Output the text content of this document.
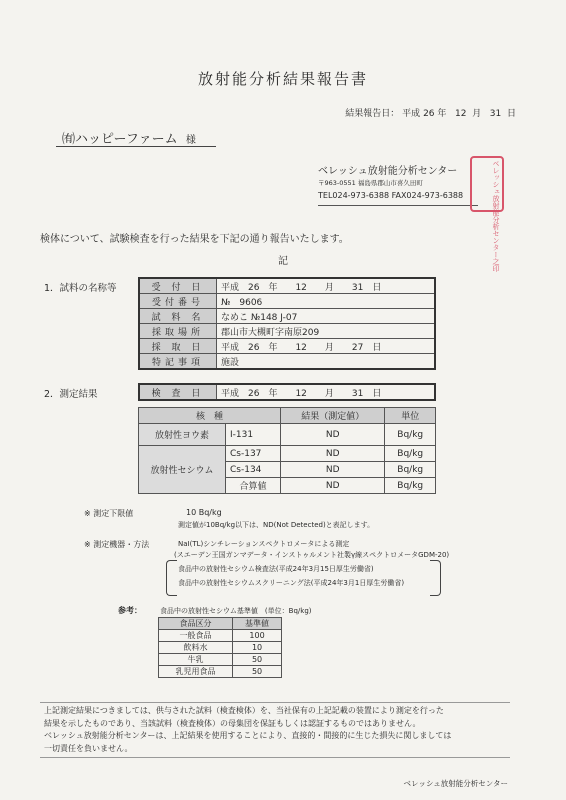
放射能分析結果報告書
結果報告日： 平成 26 年 12 月 31 日
㈲ハッピーファーム 様
ベレッシュ放射能分析センター
〒963-0551 福島県郡山市喜久田町
TEL024-973-6388 FAX024-973-6388	ベレッシュ放射能分析センター之印
検体について、試験検査を行った結果を下記の通り報告いたします。
記
1．試料の名称等	受 付 日	平成　26　年　　12　　月　　31　日
受付番号	№　9606
試 料 名	なめこ №148 J-07
採取場所	郡山市大槻町字南原209
採 取 日	平成　26　年　　12　　月　　27　日
特記事項	施設
2．測定結果	検 査 日	平成　26　年　　12　　月　　31　日
核　種		結果（測定値）	単位
放射性ヨウ素	I-131	ND	Bq/kg
放射性セシウム	Cs-137	ND	Bq/kg
	Cs-134	ND	Bq/kg
	合算値	ND	Bq/kg
※ 測定下限値	10 Bq/kg
測定値が10Bq/kg以下は、ND(Not Detected)と表記します。
※ 測定機器・方法	NaI(TL)シンチレーションスペクトロメータによる測定
(スエーデン王国ガンマデータ・インストゥルメント社製γ線スペクトロメータGDM-20)
食品中の放射性セシウム検査法(平成24年3月15日厚生労働省)
食品中の放射性セシウムスクリーニング法(平成24年3月1日厚生労働省)
参考：	食品中の放射性セシウム基準値　(単位：Bq/kg)
食品区分	基準値
一般食品	100
飲料水	10
牛乳	50
乳児用食品	50
上記測定結果につきましては、供与された試料（検査検体）を、当社保有の上記記載の装置により測定を行った
結果を示したものであり、当該試料（検査検体）の母集団を保証もしくは認証するものではありません。
ベレッシュ放射能分析センターは、上記結果を使用することにより、直接的・間接的に生じた損失に関しましては
一切責任を負いません。
ベレッシュ放射能分析センター
